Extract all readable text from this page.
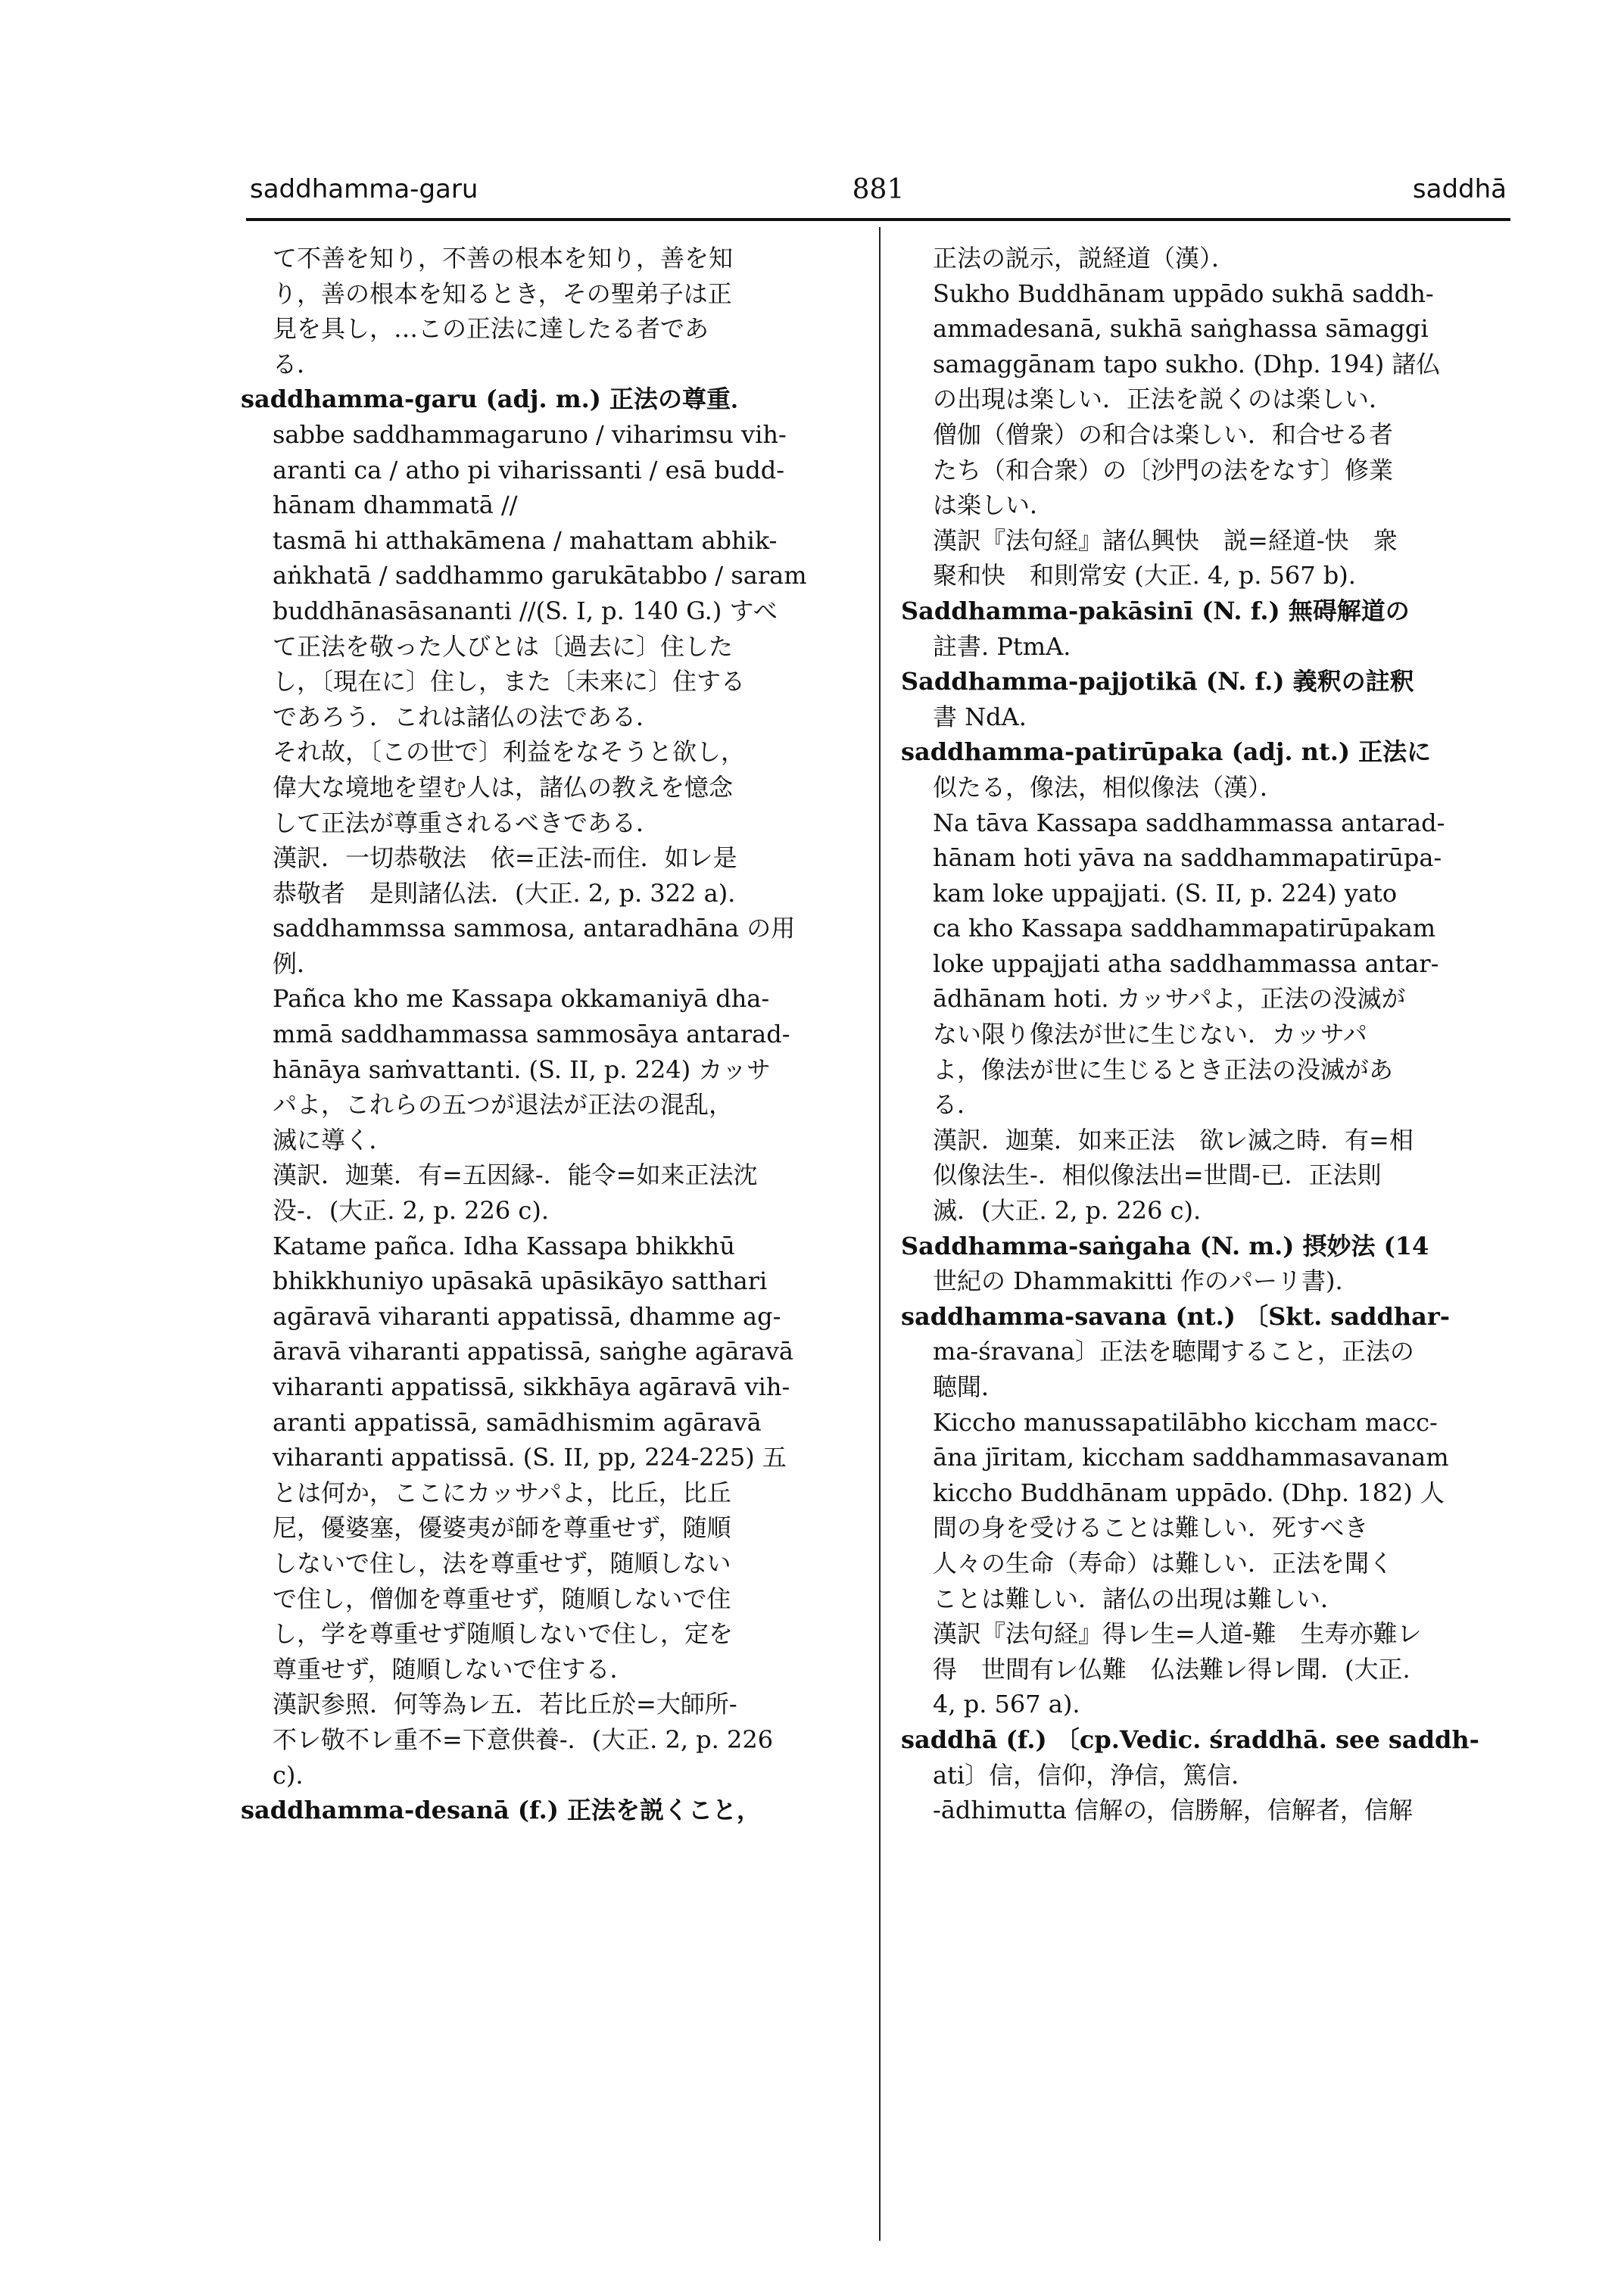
saddhamma-garu	881	saddhā
て不善を知り，不善の根本を知り，善を知
り，善の根本を知るとき，その聖弟子は正
見を具し，…この正法に達したる者であ
る．
saddhamma-garu (adj. m.) 正法の尊重．
sabbe saddhammagaruno / viharimsu vih-
aranti ca / atho pi viharissanti / esā budd-
hānam dhammatā //
tasmā hi atthakāmena / mahattam abhik-
aṅkhatā / saddhammo garukātabbo / saram
buddhānasāsananti //(S. I, p. 140 G.) すべ
て正法を敬った人びとは〔過去に〕住した
し，〔現在に〕住し，また〔未来に〕住する
であろう．これは諸仏の法である．
それ故，〔この世で〕利益をなそうと欲し，
偉大な境地を望む人は，諸仏の教えを憶念
して正法が尊重されるべきである．
漢訳．一切恭敬法　依=正法-而住．如レ是
恭敬者　是則諸仏法．(大正. 2, p. 322 a).
saddhammssa sammosa, antaradhāna の用
例．
Pañca kho me Kassapa okkamaniyā dha-
mmā saddhammassa sammosāya antarad-
hānāya saṁvattanti. (S. II, p. 224) カッサ
パよ，これらの五つが退法が正法の混乱，
滅に導く．
漢訳．迦葉．有=五因縁-．能令=如来正法沈
没-．(大正. 2, p. 226 c).
Katame pañca. Idha Kassapa bhikkhū
bhikkhuniyo upāsakā upāsikāyo satthari
agāravā viharanti appatissā, dhamme ag-
āravā viharanti appatissā, saṅghe agāravā
viharanti appatissā, sikkhāya agāravā vih-
aranti appatissā, samādhismim agāravā
viharanti appatissā. (S. II, pp, 224-225) 五
とは何か，ここにカッサパよ，比丘，比丘
尼，優婆塞，優婆夷が師を尊重せず，随順
しないで住し，法を尊重せず，随順しない
で住し，僧伽を尊重せず，随順しないで住
し，学を尊重せず随順しないで住し，定を
尊重せず，随順しないで住する．
漢訳参照．何等為レ五．若比丘於=大師所-
不レ敬不レ重不=下意供養-．(大正. 2, p. 226
c).
saddhamma-desanā (f.) 正法を説くこと，
正法の説示，説経道（漢）．
Sukho Buddhānam uppādo sukhā saddh-
ammadesanā, sukhā saṅghassa sāmaggi
samaggānam tapo sukho. (Dhp. 194) 諸仏
の出現は楽しい．正法を説くのは楽しい．
僧伽（僧衆）の和合は楽しい．和合せる者
たち（和合衆）の〔沙門の法をなす〕修業
は楽しい．
漢訳『法句経』諸仏興快　説=経道-快　衆
聚和快　和則常安 (大正. 4, p. 567 b).
Saddhamma-pakāsinī (N. f.) 無碍解道の
註書. PtmA.
Saddhamma-pajjotikā (N. f.) 義釈の註釈
書 NdA.
saddhamma-patirūpaka (adj. nt.) 正法に
似たる，像法，相似像法（漢）．
Na tāva Kassapa saddhammassa antarad-
hānam hoti yāva na saddhammapatirūpa-
kam loke uppajjati. (S. II, p. 224) yato
ca kho Kassapa saddhammapatirūpakam
loke uppajjati atha saddhammassa antar-
ādhānam hoti. カッサパよ，正法の没滅が
ない限り像法が世に生じない．カッサパ
よ，像法が世に生じるとき正法の没滅があ
る．
漢訳．迦葉．如来正法　欲レ滅之時．有=相
似像法生-．相似像法出=世間-已．正法則
滅．(大正. 2, p. 226 c).
Saddhamma-saṅgaha (N. m.) 摂妙法 (14
世紀の Dhammakitti 作のパーリ書).
saddhamma-savana (nt.) 〔Skt. saddhar-
ma-śravana〕正法を聴聞すること，正法の
聴聞．
Kiccho manussapatilābho kiccham macc-
āna jīritam, kiccham saddhammasavanam
kiccho Buddhānam uppādo. (Dhp. 182) 人
間の身を受けることは難しい．死すべき
人々の生命（寿命）は難しい．正法を聞く
ことは難しい．諸仏の出現は難しい．
漢訳『法句経』得レ生=人道-難　生寿亦難レ
得　世間有レ仏難　仏法難レ得レ聞．(大正.
4, p. 567 a).
saddhā (f.) 〔cp.Vedic. śraddhā. see saddh-
ati〕信，信仰，浄信，篤信．
-ādhimutta 信解の，信勝解，信解者，信解
